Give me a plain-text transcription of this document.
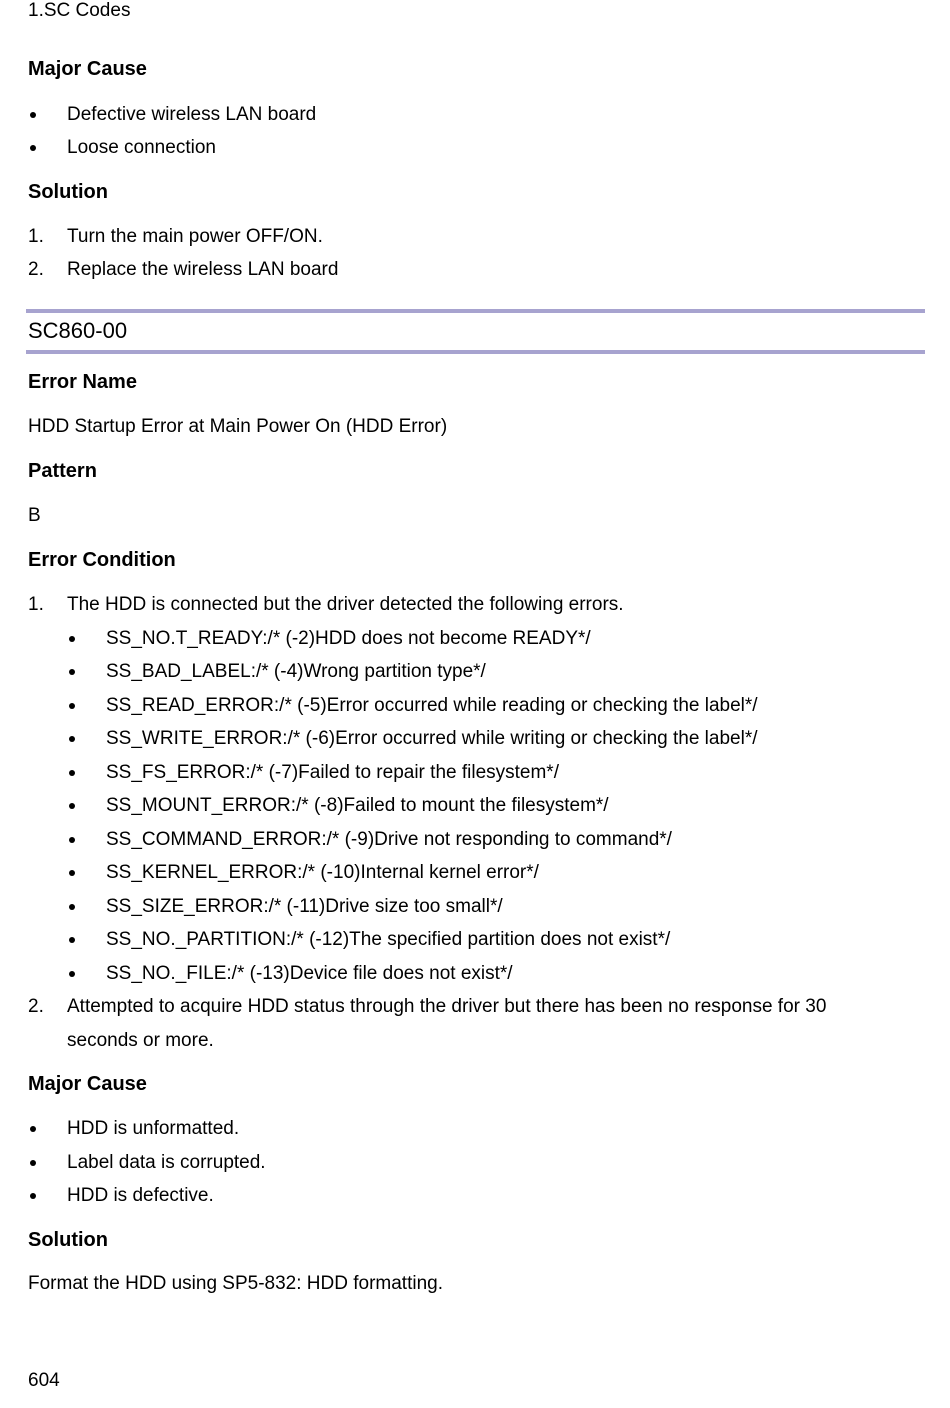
1.SC Codes
Major Cause
Defective wireless LAN board
Loose connection
Solution
1. Turn the main power OFF/ON.
2. Replace the wireless LAN board
SC860-00
Error Name
HDD Startup Error at Main Power On (HDD Error)
Pattern
B
Error Condition
1. The HDD is connected but the driver detected the following errors.
SS_NO.T_READY:/* (-2)HDD does not become READY*/
SS_BAD_LABEL:/* (-4)Wrong partition type*/
SS_READ_ERROR:/* (-5)Error occurred while reading or checking the label*/
SS_WRITE_ERROR:/* (-6)Error occurred while writing or checking the label*/
SS_FS_ERROR:/* (-7)Failed to repair the filesystem*/
SS_MOUNT_ERROR:/* (-8)Failed to mount the filesystem*/
SS_COMMAND_ERROR:/* (-9)Drive not responding to command*/
SS_KERNEL_ERROR:/* (-10)Internal kernel error*/
SS_SIZE_ERROR:/* (-11)Drive size too small*/
SS_NO._PARTITION:/* (-12)The specified partition does not exist*/
SS_NO._FILE:/* (-13)Device file does not exist*/
2. Attempted to acquire HDD status through the driver but there has been no response for 30
seconds or more.
Major Cause
HDD is unformatted.
Label data is corrupted.
HDD is defective.
Solution
Format the HDD using SP5-832: HDD formatting.
604
